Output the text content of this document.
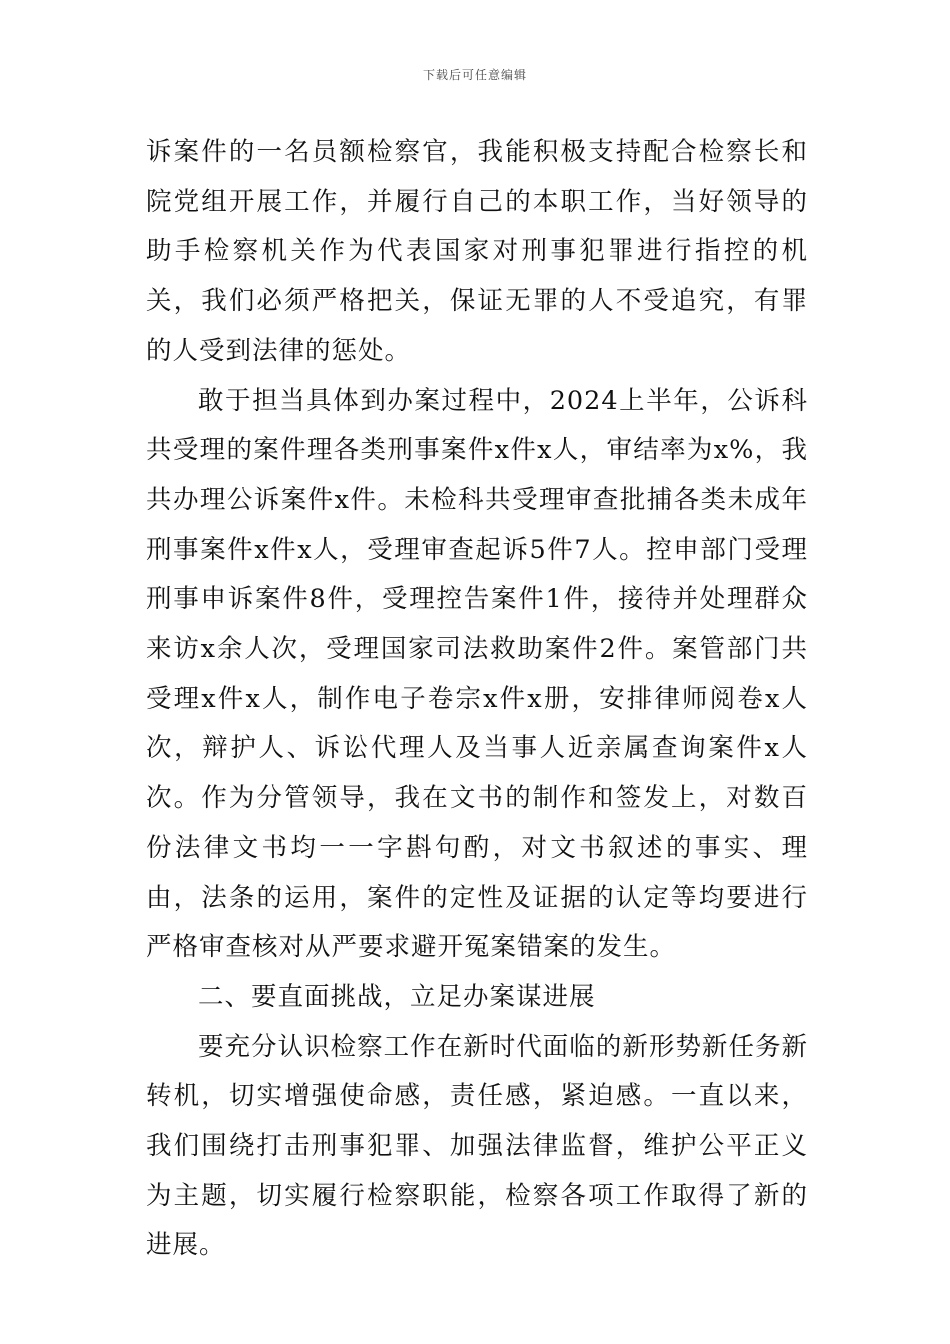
下载后可任意编辑

诉案件的一名员额检察官，我能积极支持配合检察长和院党组开展工作，并履行自己的本职工作，当好领导的助手检察机关作为代表国家对刑事犯罪进行指控的机关，我们必须严格把关，保证无罪的人不受追究，有罪的人受到法律的惩处。

敢于担当具体到办案过程中，2024上半年，公诉科共受理的案件理各类刑事案件x件x人，审结率为x%，我共办理公诉案件x件。未检科共受理审查批捕各类未成年刑事案件x件x人，受理审查起诉5件7人。控申部门受理刑事申诉案件8件，受理控告案件1件，接待并处理群众来访x余人次，受理国家司法救助案件2件。案管部门共受理x件x人，制作电子卷宗x件x册，安排律师阅卷x人次，辩护人、诉讼代理人及当事人近亲属查询案件x人次。作为分管领导，我在文书的制作和签发上，对数百份法律文书均一一字斟句酌，对文书叙述的事实、理由，法条的运用，案件的定性及证据的认定等均要进行严格审查核对从严要求避开冤案错案的发生。

二、要直面挑战，立足办案谋进展

要充分认识检察工作在新时代面临的新形势新任务新转机，切实增强使命感，责任感，紧迫感。一直以来，我们围绕打击刑事犯罪、加强法律监督，维护公平正义为主题，切实履行检察职能，检察各项工作取得了新的进展。
